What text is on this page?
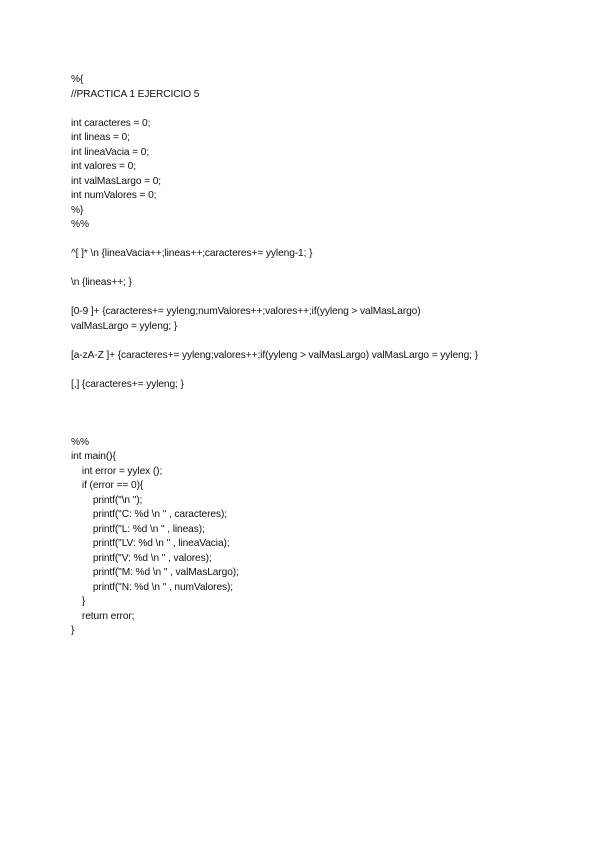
%{
//PRACTICA 1 EJERCICIO 5
int caracteres = 0;
int lineas = 0;
int lineaVacia = 0;
int valores = 0;
int valMasLargo = 0;
int numValores = 0;
%}
%%
^[ ]* \n {lineaVacia++;lineas++;caracteres+= yyleng-1; }
\n {lineas++; }
[0-9 ]+ {caracteres+= yyleng;numValores++;valores++;if(yyleng > valMasLargo)
valMasLargo = yyleng; }
[a-zA-Z ]+ {caracteres+= yyleng;valores++;if(yyleng > valMasLargo) valMasLargo = yyleng; }
[,] {caracteres+= yyleng; }
%%
int main(){
int error = yylex ();
if (error == 0){
printf("\n ");
printf("C: %d \n " , caracteres);
printf("L: %d \n " , lineas);
printf("LV: %d \n " , lineaVacia);
printf("V: %d \n " , valores);
printf("M: %d \n " , valMasLargo);
printf("N: %d \n " , numValores);
}
return error;
}
